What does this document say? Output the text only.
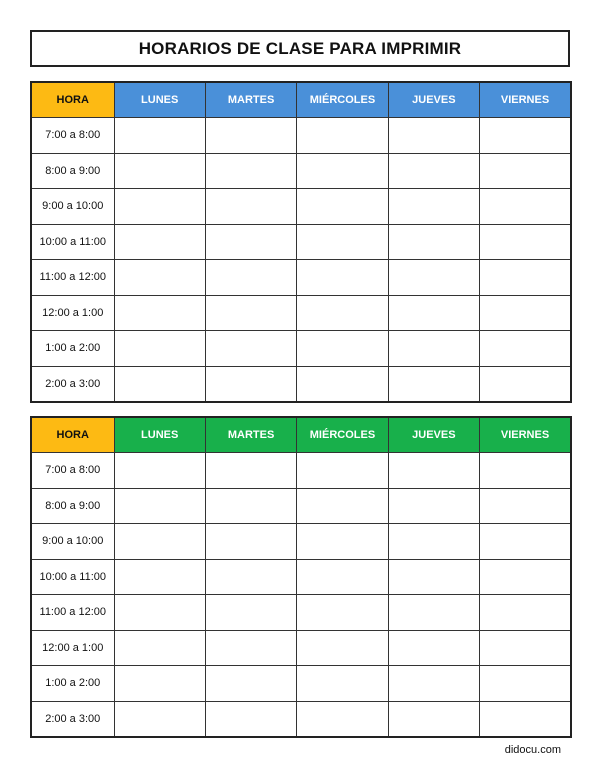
HORARIOS DE CLASE PARA IMPRIMIR
HORA	LUNES	MARTES	MIÉRCOLES	JUEVES	VIERNES
7:00 a 8:00					
8:00 a 9:00					
9:00 a 10:00					
10:00 a 11:00					
11:00 a 12:00					
12:00 a 1:00					
1:00 a 2:00					
2:00 a 3:00					
HORA	LUNES	MARTES	MIÉRCOLES	JUEVES	VIERNES
7:00 a 8:00					
8:00 a 9:00					
9:00 a 10:00					
10:00 a 11:00					
11:00 a 12:00					
12:00 a 1:00					
1:00 a 2:00					
2:00 a 3:00					
didocu.com
